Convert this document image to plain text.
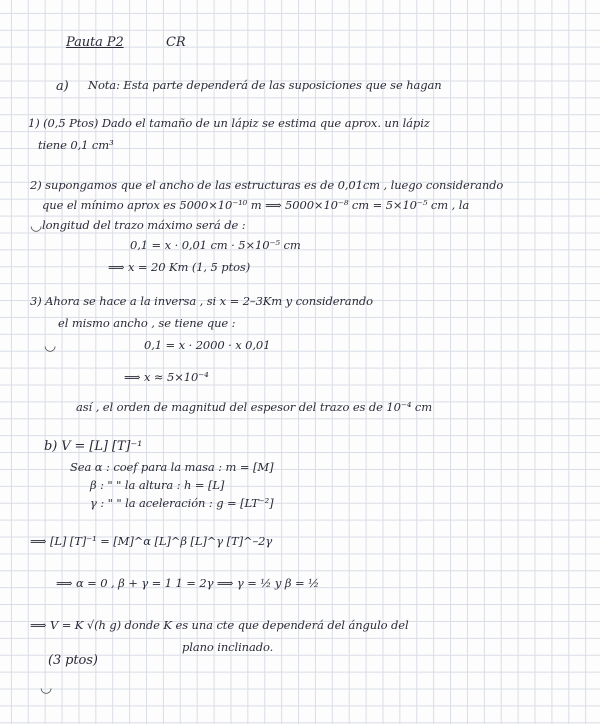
Pauta P2	CR
a) Nota: Esta parte dependerá de las suposiciones que se hagan
1) (0,5 Ptos) Dado el tamaño de un lápiz se estima que aprox. un lápiz
tiene 0,1 cm³
2) supongamos que el ancho de las estructuras es de 0,01cm , luego considerando
que el mínimo aprox es 5000×10⁻¹⁰ m ⟹ 5000×10⁻⁸ cm = 5×10⁻⁵ cm , la
longitud del trazo máximo será de :
0,1 = x · 0,01 cm · 5×10⁻⁵ cm
⟹ x = 20 Km (1, 5 ptos)
◡
3) Ahora se hace a la inversa , si x = 2–3Km y considerando
el mismo ancho , se tiene que :
0,1 = x · 2000 · x 0,01
⟹ x ≈ 5×10⁻⁴
así , el orden de magnitud del espesor del trazo es de 10⁻⁴ cm
◡
b) V = [L] [T]⁻¹
Sea α : coef para la masa : m = [M]
β : " " la altura : h = [L]
γ : " " la aceleración : g = [LT⁻²]
⟹ [L] [T]⁻¹ = [M]^α [L]^β [L]^γ [T]^–2γ
⟹ α = 0 , β + γ = 1 1 = 2γ ⟹ γ = ½ y β = ½
⟹ V = K √(h g) donde K es una cte que dependerá del ángulo del
plano inclinado.
(3 ptos)
◡
